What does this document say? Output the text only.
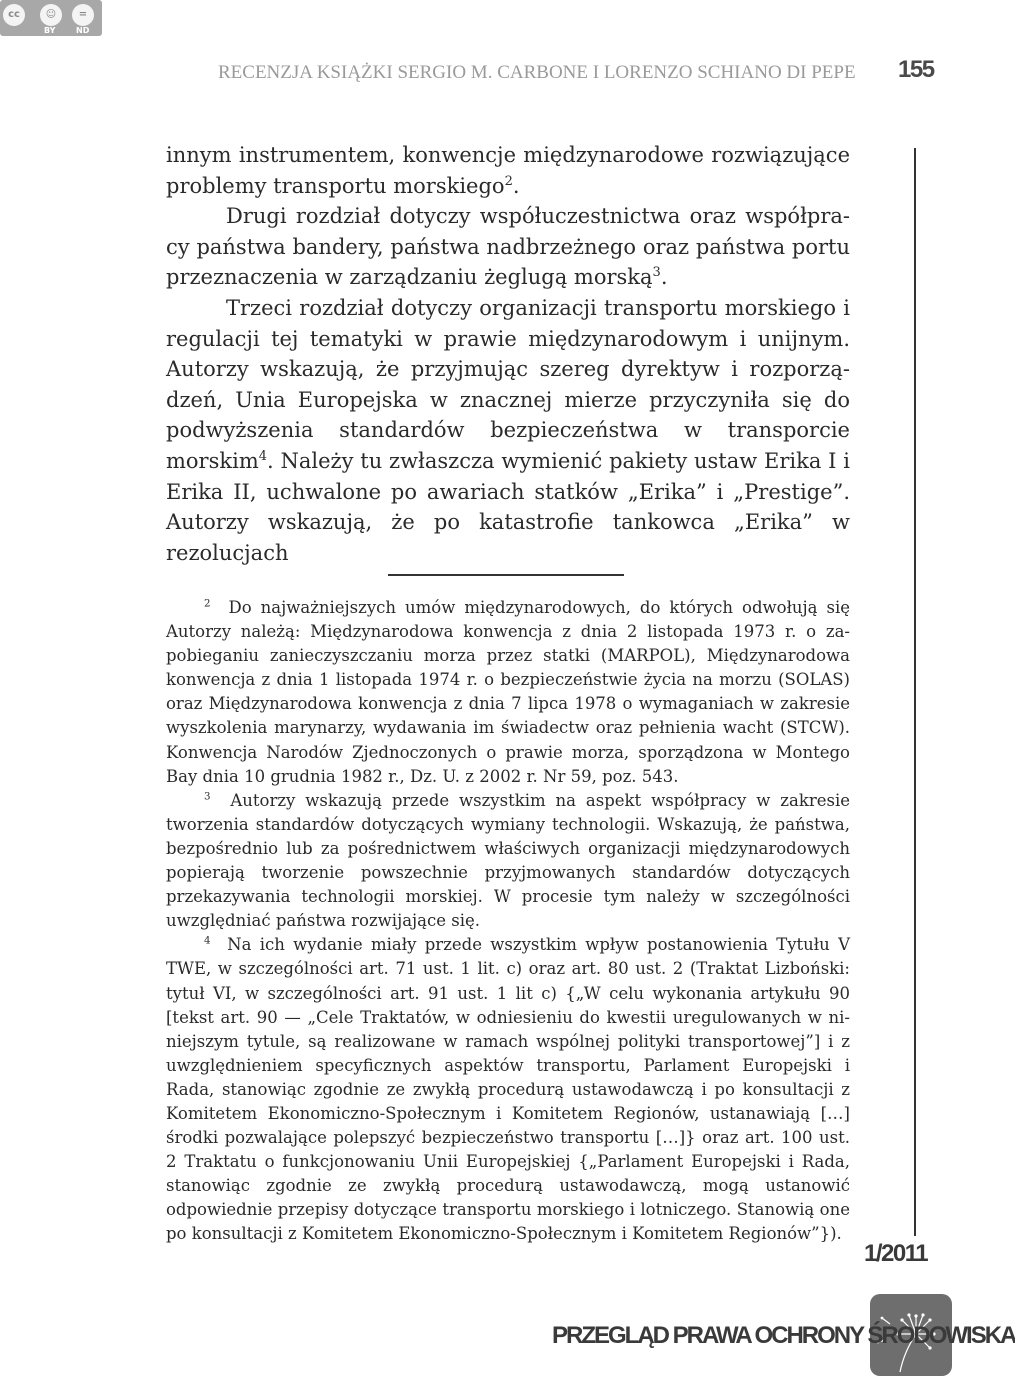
cc	☺	=
BY	ND

RECENZJA KSIĄŻKI SERGIO M. CARBONE I LORENZO SCHIANO DI PEPE 155

innym instrumentem, konwencje międzynarodowe rozwiązujące problemy transportu morskiego$^2$.

Drugi rozdział dotyczy współuczestnictwa oraz współpracy państwa bandery, państwa nadbrzeżnego oraz państwa portu przeznaczenia w zarządzaniu żeglugą morską$^3$.

Trzeci rozdział dotyczy organizacji transportu morskiego i regulacji tej tematyki w prawie międzynarodowym i unijnym. Autorzy wskazują, że przyjmując szereg dyrektyw i rozporządzeń, Unia Europejska w znacznej mierze przyczyniła się do podwyższenia standardów bezpieczeństwa w transporcie morskim$^4$. Należy tu zwłaszcza wymienić pakiety ustaw Erika I i Erika II, uchwalone po awariach statków „Erika” i „Prestige”. Autorzy wskazują, że po katastrofie tankowca „Erika” w rezolucjach

$^2$ Do najważniejszych umów międzynarodowych, do których odwołują się Autorzy należą: Międzynarodowa konwencja z dnia 2 listopada 1973 r. o zapobieganiu zanieczyszczaniu morza przez statki (MARPOL), Międzynarodowa konwencja z dnia 1 listopada 1974 r. o bezpieczeństwie życia na morzu (SOLAS) oraz Międzynarodowa konwencja z dnia 7 lipca 1978 o wymaganiach w zakresie wyszkolenia marynarzy, wydawania im świadectw oraz pełnienia wacht (STCW). Konwencja Narodów Zjednoczonych o prawie morza, sporządzona w Montego Bay dnia 10 grudnia 1982 r., Dz. U. z 2002 r. Nr 59, poz. 543.

$^3$ Autorzy wskazują przede wszystkim na aspekt współpracy w zakresie tworzenia standardów dotyczących wymiany technologii. Wskazują, że państwa, bezpośrednio lub za pośrednictwem właściwych organizacji międzynarodowych popierają tworzenie powszechnie przyjmowanych standardów dotyczących przekazywania technologii morskiej. W procesie tym należy w szczególności uwzględniać państwa rozwijające się.

$^4$ Na ich wydanie miały przede wszystkim wpływ postanowienia Tytułu V TWE, w szczególności art. 71 ust. 1 lit. c) oraz art. 80 ust. 2 (Traktat Lizboński: tytuł VI, w szczególności art. 91 ust. 1 lit c) {„W celu wykonania artykułu 90 [tekst art. 90 — „Cele Traktatów, w odniesieniu do kwestii uregulowanych w niniejszym tytule, są realizowane w ramach wspólnej polityki transportowej”] i z uwzględnieniem specyficznych aspektów transportu, Parlament Europejski i Rada, stanowiąc zgodnie ze zwykłą procedurą ustawodawczą i po konsultacji z Komitetem Ekonomiczno-Społecznym i Komitetem Regionów, ustanawiają […] środki pozwalające polepszyć bezpieczeństwo transportu […]} oraz art. 100 ust. 2 Traktatu o funkcjonowaniu Unii Europejskiej {„Parlament Europejski i Rada, stanowiąc zgodnie ze zwykłą procedurą ustawodawczą, mogą ustanowić odpowiednie przepisy dotyczące transportu morskiego i lotniczego. Stanowią one po konsultacji z Komitetem Ekonomiczno-Społecznym i Komitetem Regionów”}).

1/2011

PRZEGLĄD PRAWA OCHRONY ŚRODOWISKA
